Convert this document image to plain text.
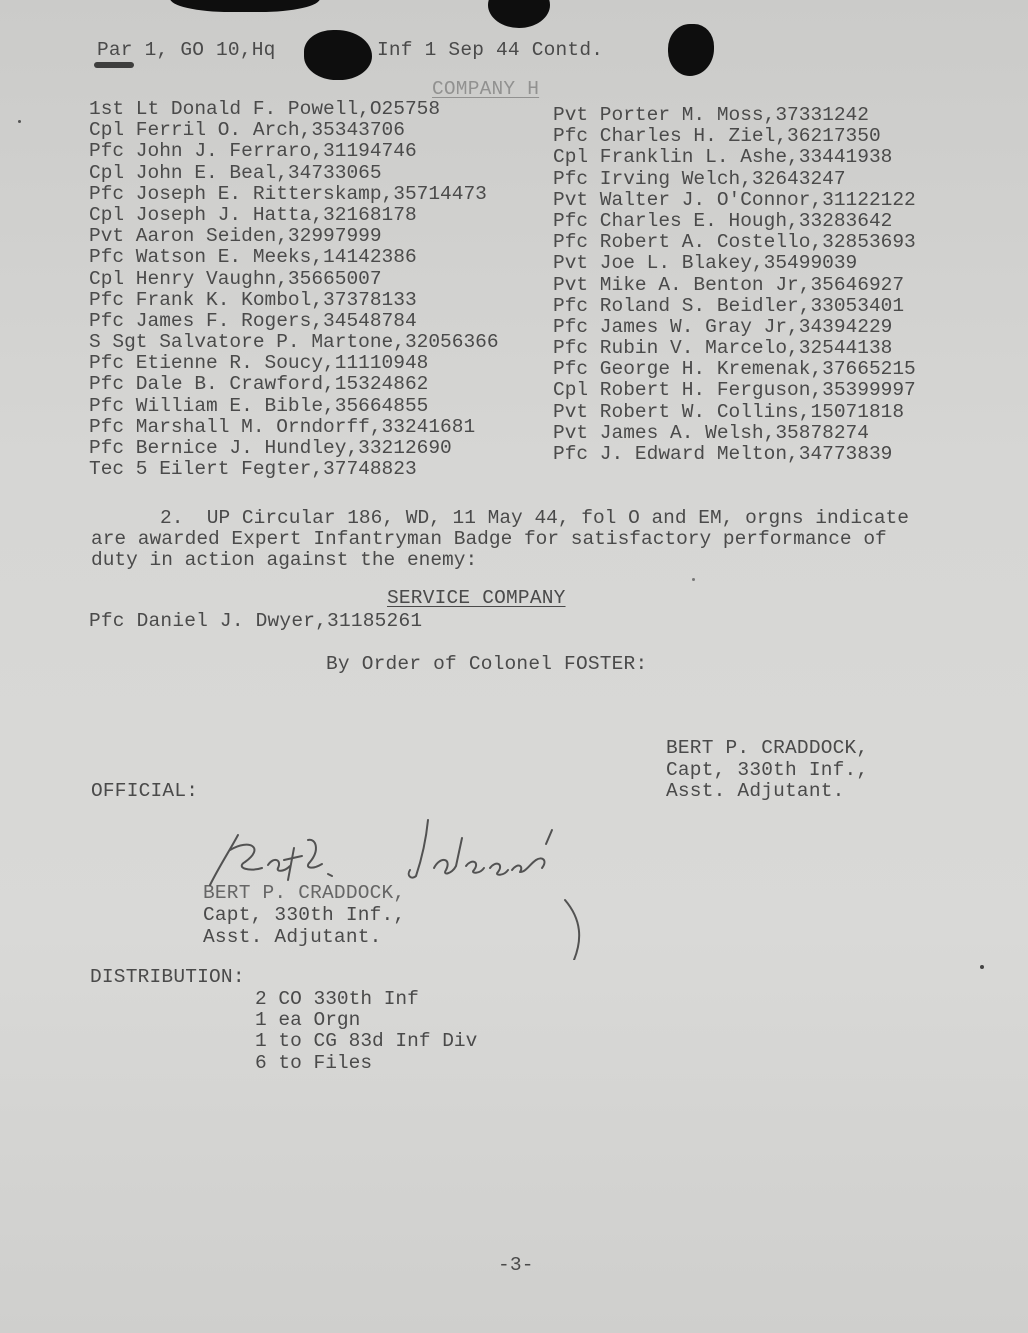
Par 1, GO 10,Hq	Inf 1 Sep 44 Contd.
COMPANY H
1st Lt Donald F. Powell,O25758
Cpl Ferril O. Arch,35343706
Pfc John J. Ferraro,31194746
Cpl John E. Beal,34733065
Pfc Joseph E. Ritterskamp,35714473
Cpl Joseph J. Hatta,32168178
Pvt Aaron Seiden,32997999
Pfc Watson E. Meeks,14142386
Cpl Henry Vaughn,35665007
Pfc Frank K. Kombol,37378133
Pfc James F. Rogers,34548784
S Sgt Salvatore P. Martone,32056366
Pfc Etienne R. Soucy,11110948
Pfc Dale B. Crawford,15324862
Pfc William E. Bible,35664855
Pfc Marshall M. Orndorff,33241681
Pfc Bernice J. Hundley,33212690
Tec 5 Eilert Fegter,37748823
Pvt Porter M. Moss,37331242
Pfc Charles H. Ziel,36217350
Cpl Franklin L. Ashe,33441938
Pfc Irving Welch,32643247
Pvt Walter J. O'Connor,31122122
Pfc Charles E. Hough,33283642
Pfc Robert A. Costello,32853693
Pvt Joe L. Blakey,35499039
Pvt Mike A. Benton Jr,35646927
Pfc Roland S. Beidler,33053401
Pfc James W. Gray Jr,34394229
Pfc Rubin V. Marcelo,32544138
Pfc George H. Kremenak,37665215
Cpl Robert H. Ferguson,35399997
Pvt Robert W. Collins,15071818
Pvt James A. Welsh,35878274
Pfc J. Edward Melton,34773839
2.  UP Circular 186, WD, 11 May 44, fol O and EM, orgns indicate
are awarded Expert Infantryman Badge for satisfactory performance of
duty in action against the enemy:
SERVICE COMPANY
Pfc Daniel J. Dwyer,31185261
By Order of Colonel FOSTER:
BERT P. CRADDOCK,
Capt, 330th Inf.,
Asst. Adjutant.
OFFICIAL:
BERT P. CRADDOCK,
Capt, 330th Inf.,
Asst. Adjutant.
DISTRIBUTION:
2 CO 330th Inf
1 ea Orgn
1 to CG 83d Inf Div
6 to Files
-3-
